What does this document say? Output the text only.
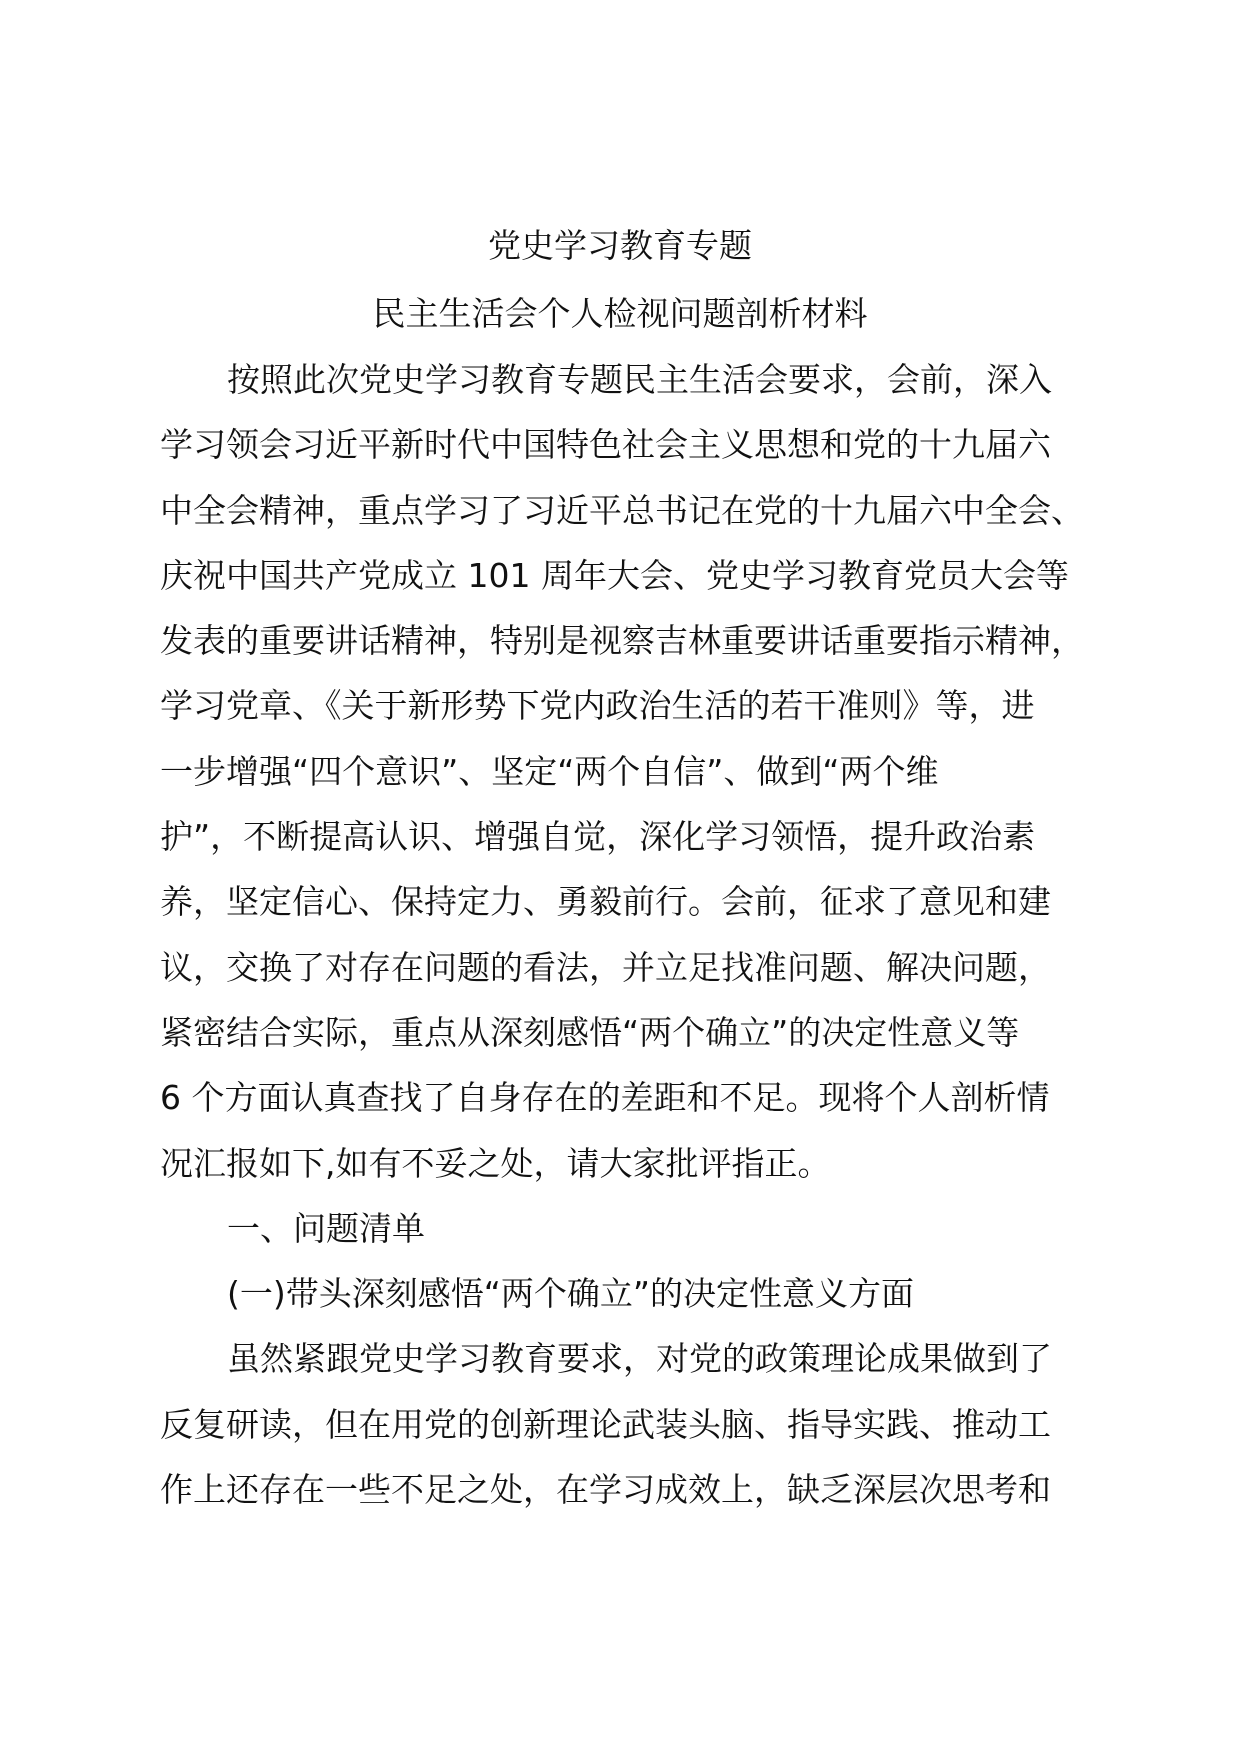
党史学习教育专题
民主生活会个人检视问题剖析材料
按照此次党史学习教育专题民主生活会要求，会前，深入
学习领会习近平新时代中国特色社会主义思想和党的十九届六
中全会精神，重点学习了习近平总书记在党的十九届六中全会、
庆祝中国共产党成立 101 周年大会、党史学习教育党员大会等
发表的重要讲话精神，特别是视察吉林重要讲话重要指示精神，
学习党章、《关于新形势下党内政治生活的若干准则》等，进
一步增强“四个意识”、坚定“两个自信”、做到“两个维
护”，不断提高认识、增强自觉，深化学习领悟，提升政治素
养，坚定信心、保持定力、勇毅前行。会前，征求了意见和建
议，交换了对存在问题的看法，并立足找准问题、解决问题，
紧密结合实际，重点从深刻感悟“两个确立”的决定性意义等
6 个方面认真查找了自身存在的差距和不足。现将个人剖析情
况汇报如下,如有不妥之处，请大家批评指正。
一、问题清单
(一)带头深刻感悟“两个确立”的决定性意义方面
虽然紧跟党史学习教育要求，对党的政策理论成果做到了
反复研读，但在用党的创新理论武装头脑、指导实践、推动工
作上还存在一些不足之处，在学习成效上，缺乏深层次思考和
